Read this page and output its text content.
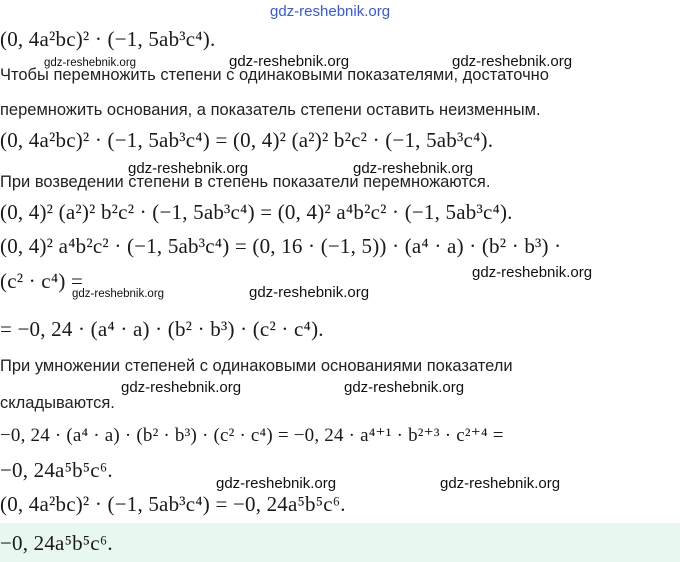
gdz-reshebnik.org
(0, 4a²bc)² · (−1, 5ab³c⁴).
gdz-reshebnik.org	gdz-reshebnik.org	gdz-reshebnik.org
Чтобы перемножить степени с одинаковыми показателями, достаточно
перемножить основания, а показатель степени оставить неизменным.
(0, 4a²bc)² · (−1, 5ab³c⁴) = (0, 4)² (a²)² b²c² · (−1, 5ab³c⁴).
gdz-reshebnik.org	gdz-reshebnik.org
При возведении степени в степень показатели перемножаются.
(0, 4)² (a²)² b²c² · (−1, 5ab³c⁴) = (0, 4)² a⁴b²c² · (−1, 5ab³c⁴).
(0, 4)² a⁴b²c² · (−1, 5ab³c⁴) = (0, 16 · (−1, 5)) · (a⁴ · a) · (b² · b³) ·
gdz-reshebnik.org
(c² · c⁴) =
gdz-reshebnik.org	gdz-reshebnik.org
= −0, 24 · (a⁴ · a) · (b² · b³) · (c² · c⁴).
При умножении степеней с одинаковыми основаниями показатели
gdz-reshebnik.org	gdz-reshebnik.org
складываются.
−0, 24 · (a⁴ · a) · (b² · b³) · (c² · c⁴) = −0, 24 · a⁴⁺¹ · b²⁺³ · c²⁺⁴ =
−0, 24a⁵b⁵c⁶.
gdz-reshebnik.org	gdz-reshebnik.org
(0, 4a²bc)² · (−1, 5ab³c⁴) = −0, 24a⁵b⁵c⁶.
−0, 24a⁵b⁵c⁶.
